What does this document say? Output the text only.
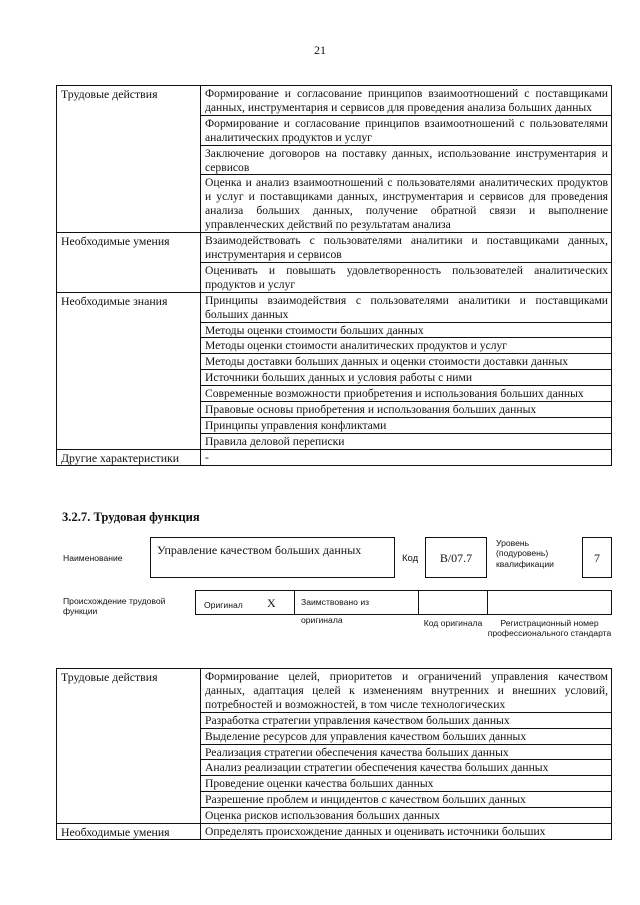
21
Трудовые действия	Формирование и согласование принципов взаимоотношений с поставщиками данных, инструментария и сервисов для проведения анализа больших данных
	Формирование и согласование принципов взаимоотношений с пользователями аналитических продуктов и услуг
	Заключение договоров на поставку данных, использование инструментария и сервисов
	Оценка и анализ взаимоотношений с пользователями аналитических продуктов и услуг и поставщиками данных, инструментария и сервисов для проведения анализа больших данных, получение обратной связи и выполнение управленческих действий по результатам анализа
Необходимые умения	Взаимодействовать с пользователями аналитики и поставщиками данных, инструментария и сервисов
	Оценивать и повышать удовлетворенность пользователей аналитических продуктов и услуг
Необходимые знания	Принципы взаимодействия с пользователями аналитики и поставщиками больших данных
	Методы оценки стоимости больших данных
	Методы оценки стоимости аналитических продуктов и услуг
	Методы доставки больших данных и оценки стоимости доставки данных
	Источники больших данных и условия работы с ними
	Современные возможности приобретения и использования больших данных
	Правовые основы приобретения и использования больших данных
	Принципы управления конфликтами
	Правила деловой переписки
Другие характеристики	-
3.2.7. Трудовая функция
Наименование
Управление качеством больших данных
Код	B/07.7
Уровень (подуровень) квалификации	7
Происхождение трудовой функции
Оригинал X	Заимствовано из оригинала	Код оригинала	Регистрационный номер профессионального стандарта
Трудовые действия	Формирование целей, приоритетов и ограничений управления качеством данных, адаптация целей к изменениям внутренних и внешних условий, потребностей и возможностей, в том числе технологических
	Разработка стратегии управления качеством больших данных
	Выделение ресурсов для управления качеством больших данных
	Реализация стратегии обеспечения качества больших данных
	Анализ реализации стратегии обеспечения качества больших данных
	Проведение оценки качества больших данных
	Разрешение проблем и инцидентов с качеством больших данных
	Оценка рисков использования больших данных
Необходимые умения	Определять происхождение данных и оценивать источники больших
